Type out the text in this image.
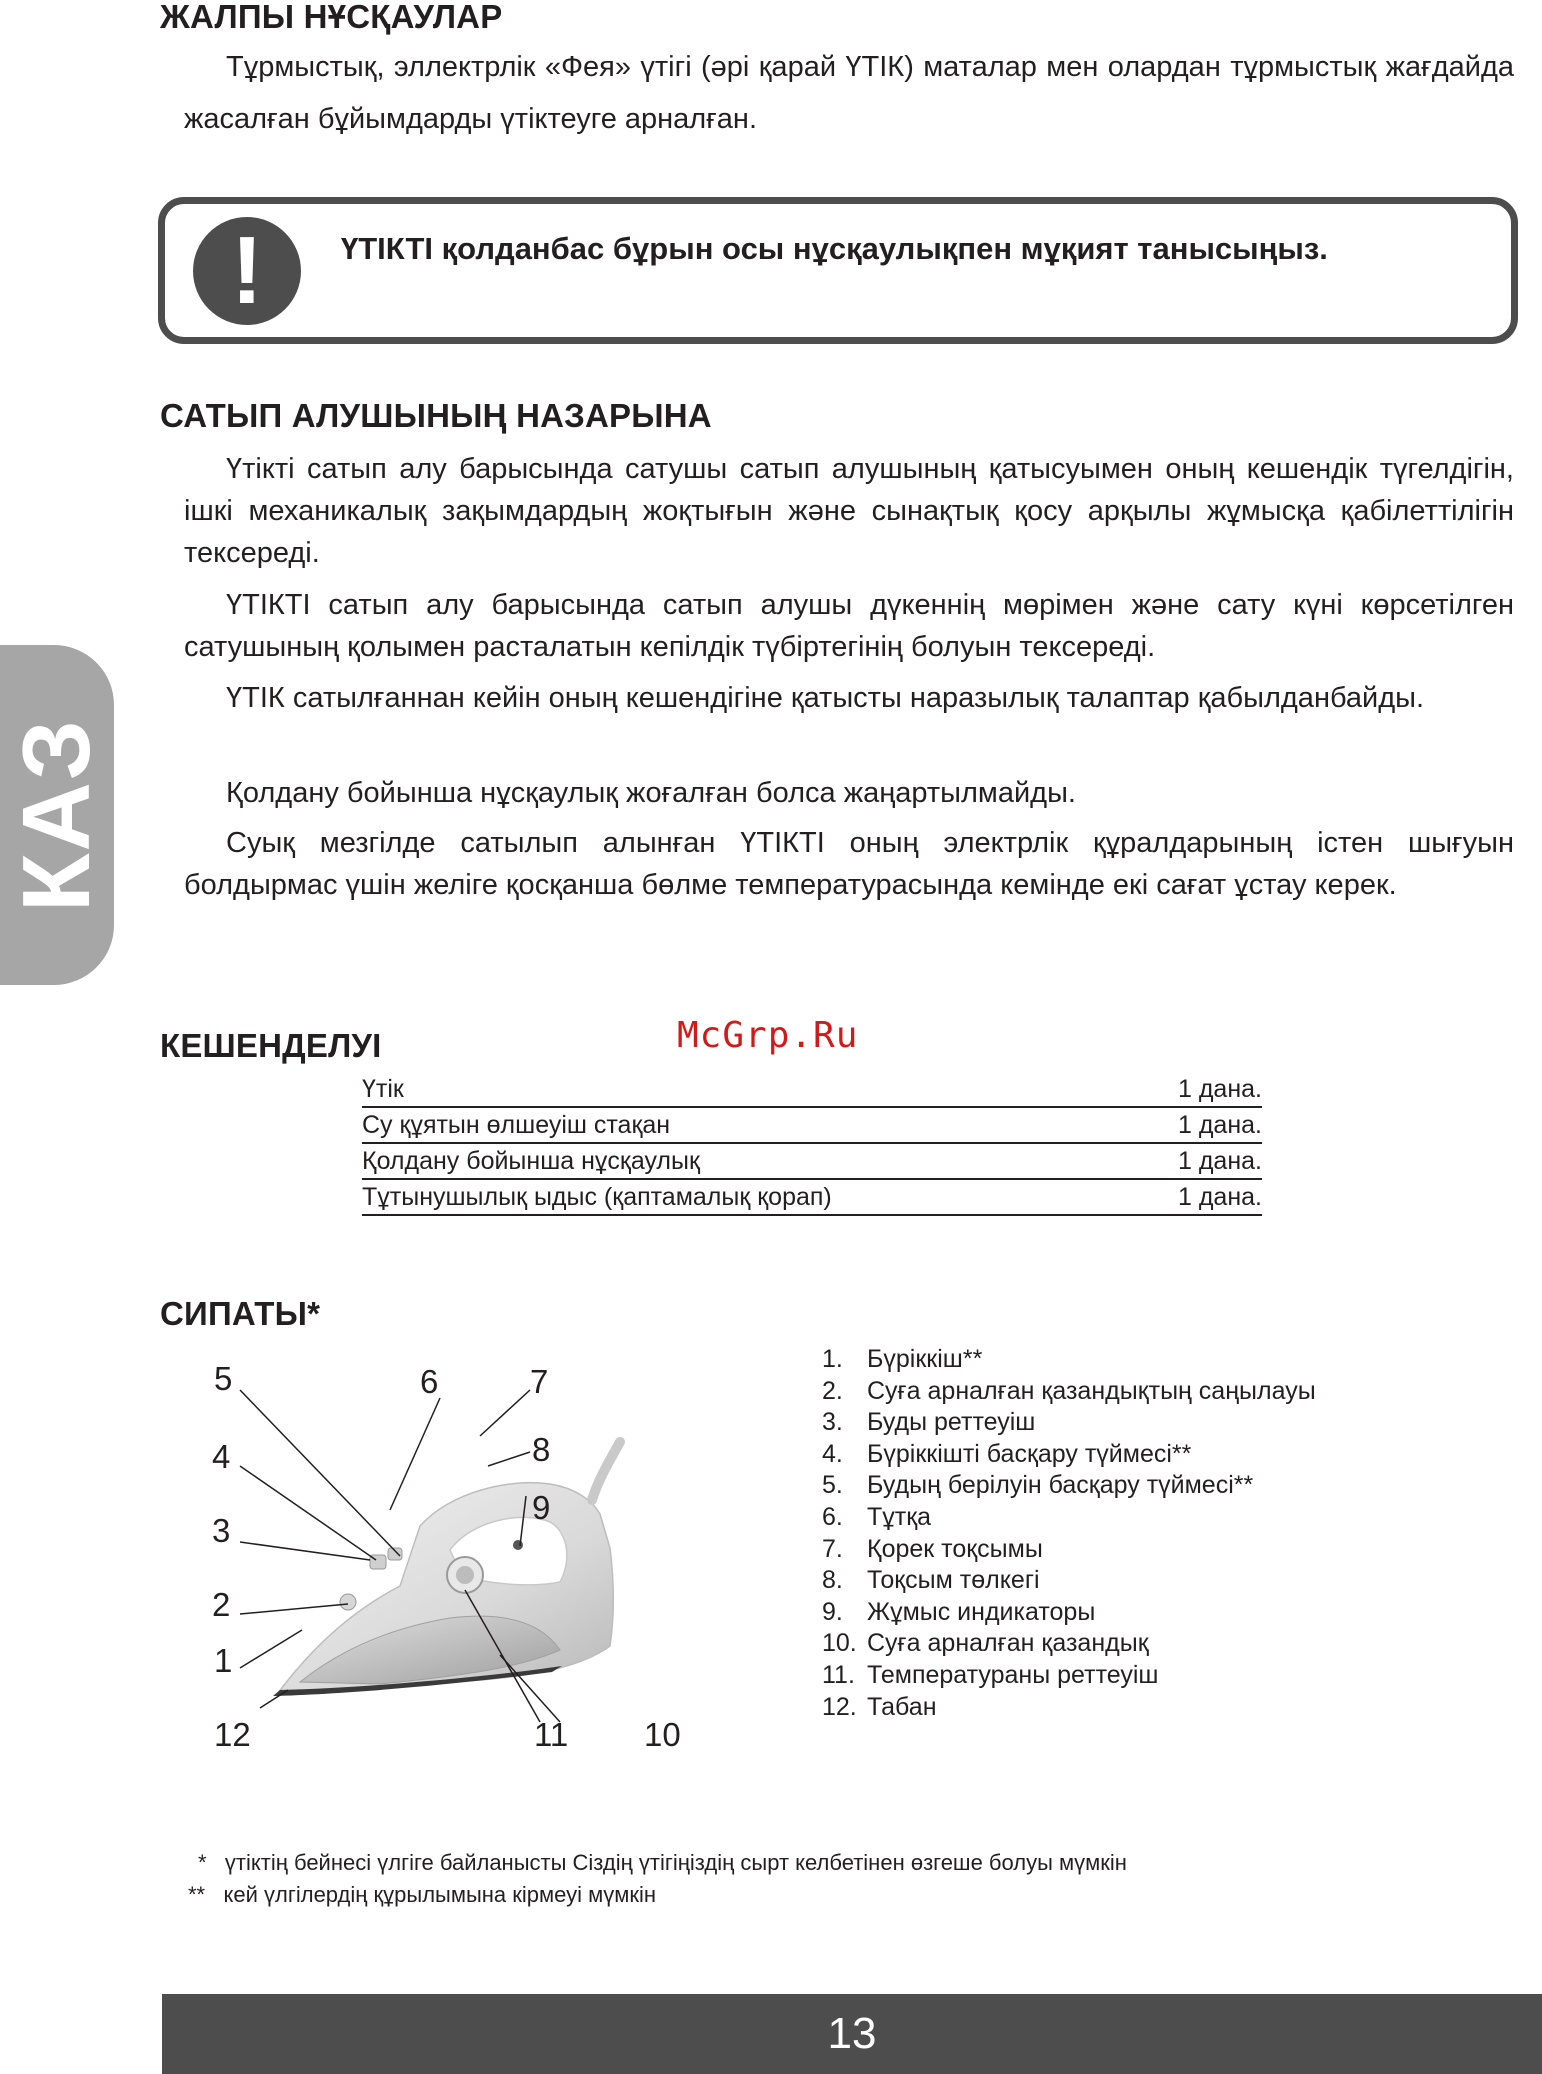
КАЗ
ЖАЛПЫ НҰСҚАУЛАР

Тұрмыстық, эллектрлік «Фея» үтігі (әрі қарай ҮТІК) маталар мен олардан тұрмыстық жағдайда жасалған бұйымдарды үтіктеуге арналған.

!	ҮТІКТІ қолданбас бұрын осы нұсқаулықпен мұқият танысыңыз.
САТЫП АЛУШЫНЫҢ НАЗАРЫНА

Үтікті сатып алу барысында сатушы сатып алушының қатысуымен оның кешендік түгелдігін, ішкі механикалық зақымдардың жоқтығын және сынақтық қосу арқылы жұмысқа қабілеттілігін тексереді.

ҮТІКТІ сатып алу барысында сатып алушы дүкеннің мөрімен және сату күні көрсетілген сатушының қолымен расталатын кепілдік түбіртегінің болуын тексереді.

ҮТІК сатылғаннан кейін оның кешендігіне қатысты наразылық талаптар қабылданбайды.

Қолдану бойынша нұсқаулық жоғалған болса жаңартылмайды.

Суық мезгілде сатылып алынған ҮТІКТІ оның электрлік құралдарының істен шығуын болдырмас үшін желіге қосқанша бөлме температурасында кемінде екі сағат ұстау керек.

McGrp.Ru
КЕШЕНДЕЛУІ
Үтік	1 дана.
Су құятын өлшеуіш стақан	1 дана.
Қолдану бойынша нұсқаулық	1 дана.
Тұтынушылық ыдыс (қаптамалық қорап)	1 дана.
СИПАТЫ*
5	6	7
4	8
9
3
2
1
12	11 10
1. Бүріккіш**
2. Суға арналған қазандықтың саңылауы
3. Буды реттеуіш
4. Бүріккішті басқару түймесі**
5. Будың берілуін басқару түймесі**
6. Тұтқа
7. Қорек тоқсымы
8. Тоқсым төлкегі
9. Жұмыс индикаторы
10. Суға арналған қазандық
11. Температураны реттеуіш
12. Табан
* үтіктің бейнесі үлгіге байланысты Сіздің үтігіңіздің сырт келбетінен өзгеше болуы мүмкін
** кей үлгілердің құрылымына кірмеуі мүмкін
13
